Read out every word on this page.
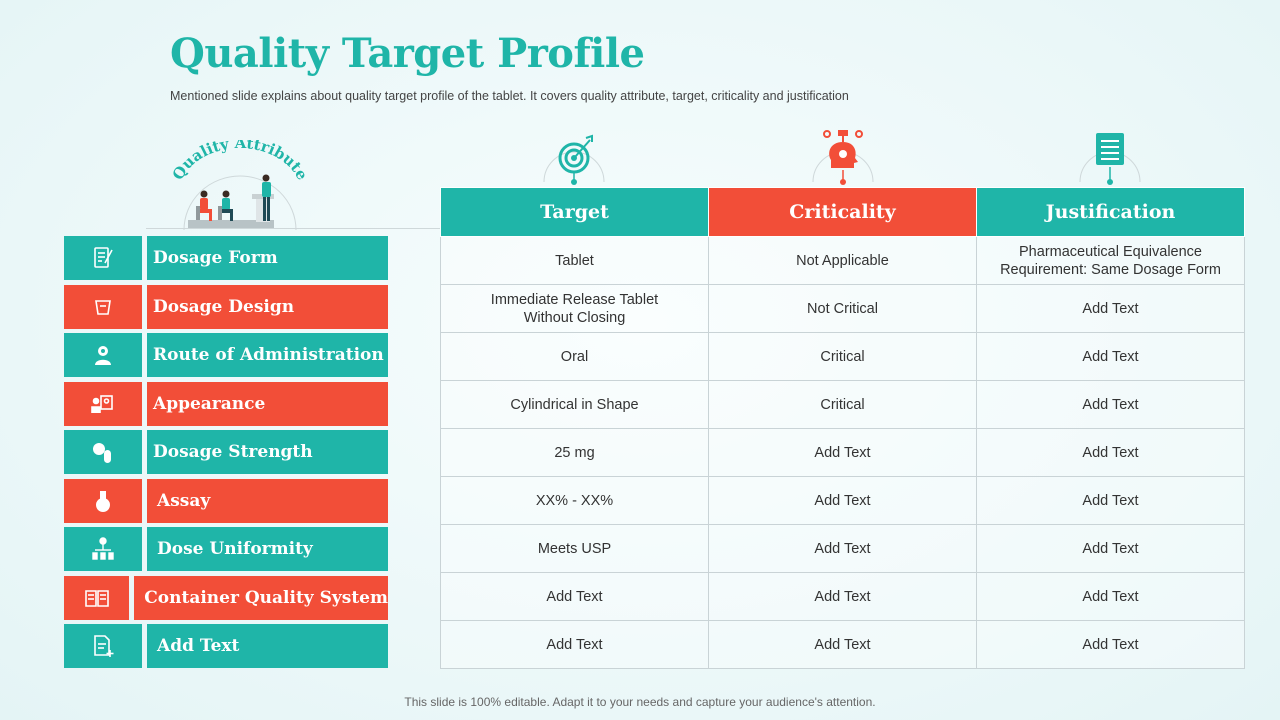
Quality Target Profile
Mentioned slide explains about quality target profile of the tablet. It covers quality attribute, target, criticality and justification
Quality Attribute
Dosage Form
Dosage Design
Route of Administration
Appearance
Dosage Strength
Assay
Dose Uniformity
Container Quality System
Add Text
Target	Criticality	Justification
Tablet	Not Applicable	Pharmaceutical Equivalence Requirement: Same Dosage Form
Immediate Release Tablet Without Closing	Not Critical	Add Text
Oral	Critical	Add Text
Cylindrical in Shape	Critical	Add Text
25 mg	Add Text	Add Text
XX% - XX%	Add Text	Add Text
Meets USP	Add Text	Add Text
Add Text	Add Text	Add Text
Add Text	Add Text	Add Text
This slide is 100% editable. Adapt it to your needs and capture your audience's attention.
